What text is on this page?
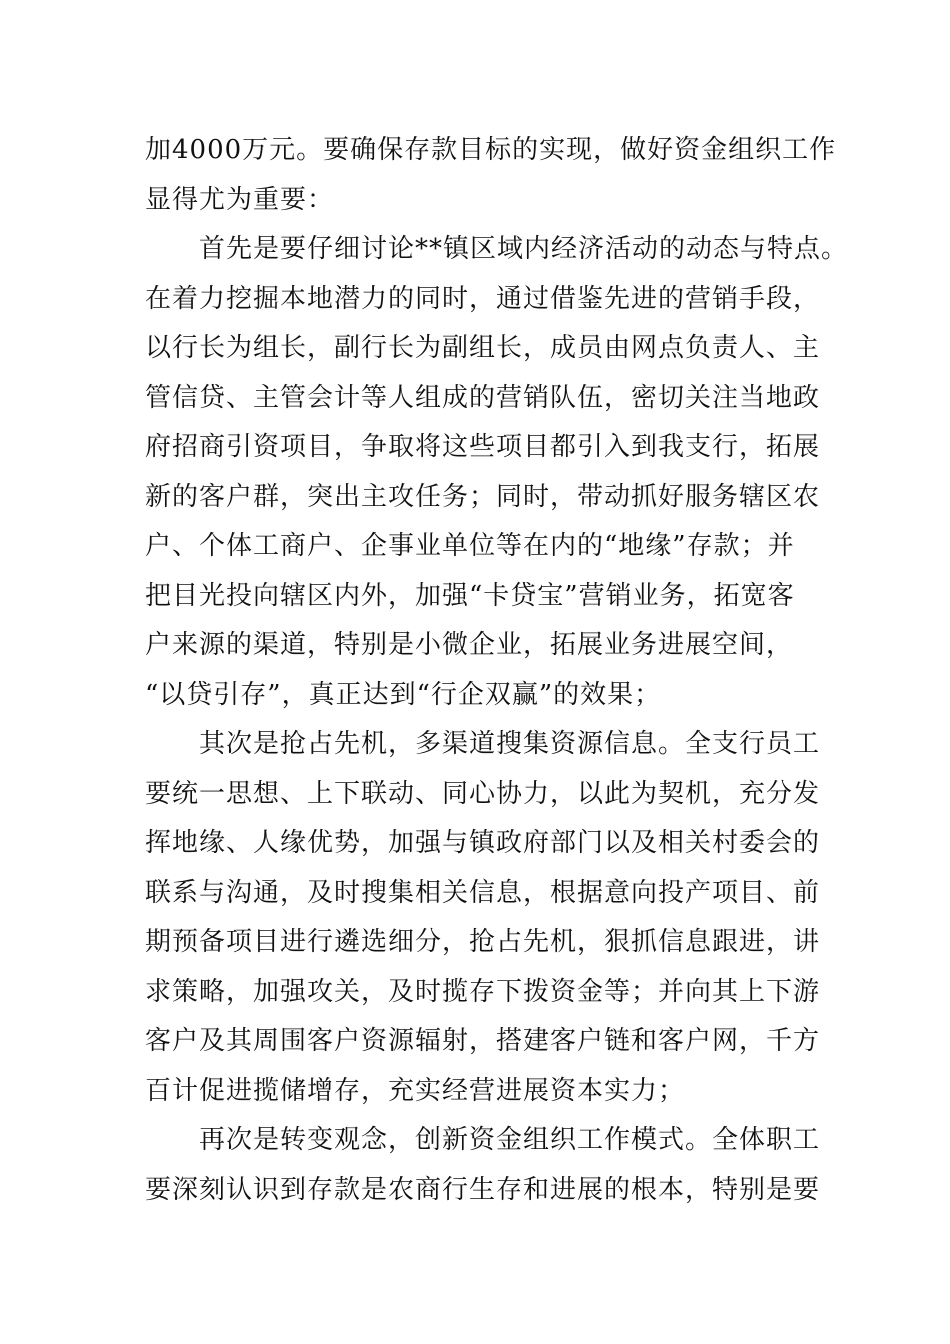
加4000万元。要确保存款目标的实现，做好资金组织工作
显得尤为重要：
首先是要仔细讨论**镇区域内经济活动的动态与特点。
在着力挖掘本地潜力的同时，通过借鉴先进的营销手段，
以行长为组长，副行长为副组长，成员由网点负责人、主
管信贷、主管会计等人组成的营销队伍，密切关注当地政
府招商引资项目，争取将这些项目都引入到我支行，拓展
新的客户群，突出主攻任务；同时，带动抓好服务辖区农
户、个体工商户、企事业单位等在内的“地缘”存款；并
把目光投向辖区内外，加强“卡贷宝”营销业务，拓宽客
户来源的渠道，特别是小微企业，拓展业务进展空间，
“以贷引存”，真正达到“行企双赢”的效果；
其次是抢占先机，多渠道搜集资源信息。全支行员工
要统一思想、上下联动、同心协力，以此为契机，充分发
挥地缘、人缘优势，加强与镇政府部门以及相关村委会的
联系与沟通，及时搜集相关信息，根据意向投产项目、前
期预备项目进行遴选细分，抢占先机，狠抓信息跟进，讲
求策略，加强攻关，及时揽存下拨资金等；并向其上下游
客户及其周围客户资源辐射，搭建客户链和客户网，千方
百计促进揽储增存，充实经营进展资本实力；
再次是转变观念，创新资金组织工作模式。全体职工
要深刻认识到存款是农商行生存和进展的根本，特别是要
